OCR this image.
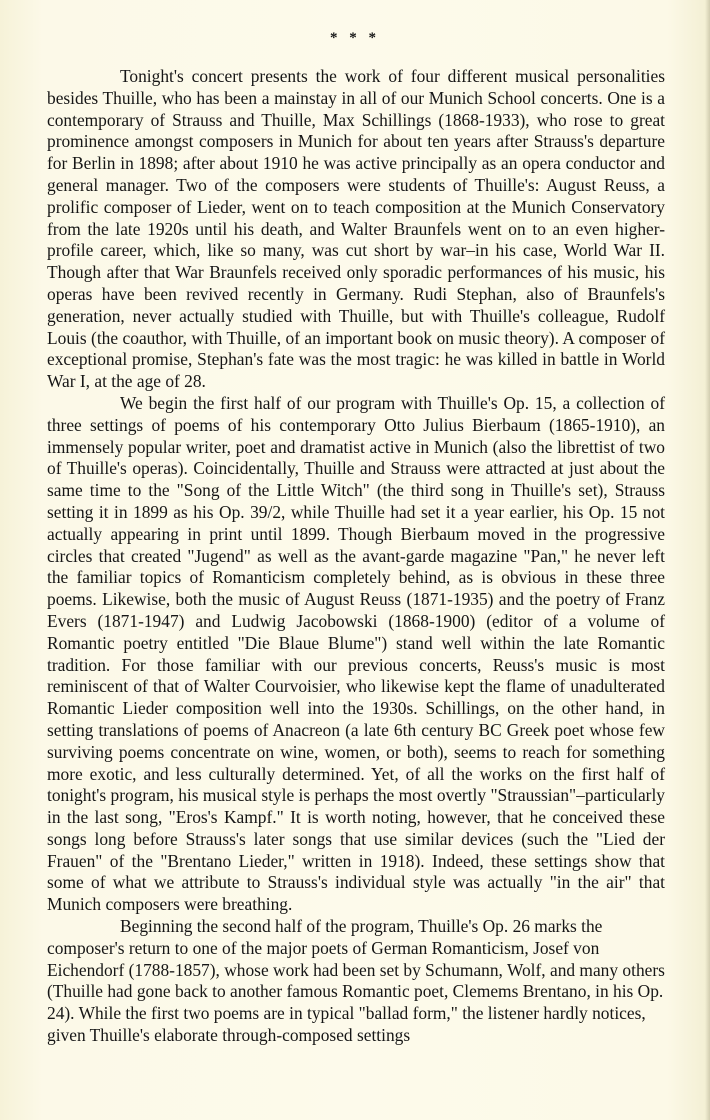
* * *

Tonight's concert presents the work of four different musical personalities besides Thuille, who has been a mainstay in all of our Munich School concerts. One is a contemporary of Strauss and Thuille, Max Schillings (1868-1933), who rose to great prominence amongst composers in Munich for about ten years after Strauss's departure for Berlin in 1898; after about 1910 he was active principally as an opera conductor and general manager. Two of the composers were students of Thuille's: August Reuss, a prolific composer of Lieder, went on to teach composition at the Munich Conservatory from the late 1920s until his death, and Walter Braunfels went on to an even higher-profile career, which, like so many, was cut short by war–in his case, World War II. Though after that War Braunfels received only sporadic performances of his music, his operas have been revived recently in Germany. Rudi Stephan, also of Braunfels's generation, never actually studied with Thuille, but with Thuille's colleague, Rudolf Louis (the coauthor, with Thuille, of an important book on music theory). A composer of exceptional promise, Stephan's fate was the most tragic: he was killed in battle in World War I, at the age of 28.

We begin the first half of our program with Thuille's Op. 15, a collection of three settings of poems of his contemporary Otto Julius Bierbaum (1865-1910), an immensely popular writer, poet and dramatist active in Munich (also the librettist of two of Thuille's operas). Coincidentally, Thuille and Strauss were attracted at just about the same time to the "Song of the Little Witch" (the third song in Thuille's set), Strauss setting it in 1899 as his Op. 39/2, while Thuille had set it a year earlier, his Op. 15 not actually appearing in print until 1899. Though Bierbaum moved in the progressive circles that created "Jugend" as well as the avant-garde magazine "Pan," he never left the familiar topics of Romanticism completely behind, as is obvious in these three poems. Likewise, both the music of August Reuss (1871-1935) and the poetry of Franz Evers (1871-1947) and Ludwig Jacobowski (1868-1900) (editor of a volume of Romantic poetry entitled "Die Blaue Blume") stand well within the late Romantic tradition. For those familiar with our previous concerts, Reuss's music is most reminiscent of that of Walter Courvoisier, who likewise kept the flame of unadulterated Romantic Lieder composition well into the 1930s. Schillings, on the other hand, in setting translations of poems of Anacreon (a late 6th century BC Greek poet whose few surviving poems concentrate on wine, women, or both), seems to reach for something more exotic, and less culturally determined. Yet, of all the works on the first half of tonight's program, his musical style is perhaps the most overtly "Straussian"–particularly in the last song, "Eros's Kampf." It is worth noting, however, that he conceived these songs long before Strauss's later songs that use similar devices (such the "Lied der Frauen" of the "Brentano Lieder," written in 1918). Indeed, these settings show that some of what we attribute to Strauss's individual style was actually "in the air" that Munich composers were breathing.

Beginning the second half of the program, Thuille's Op. 26 marks the composer's return to one of the major poets of German Romanticism, Josef von Eichendorf (1788-1857), whose work had been set by Schumann, Wolf, and many others (Thuille had gone back to another famous Romantic poet, Clemems Brentano, in his Op. 24). While the first two poems are in typical "ballad form," the listener hardly notices, given Thuille's elaborate through-composed settings
